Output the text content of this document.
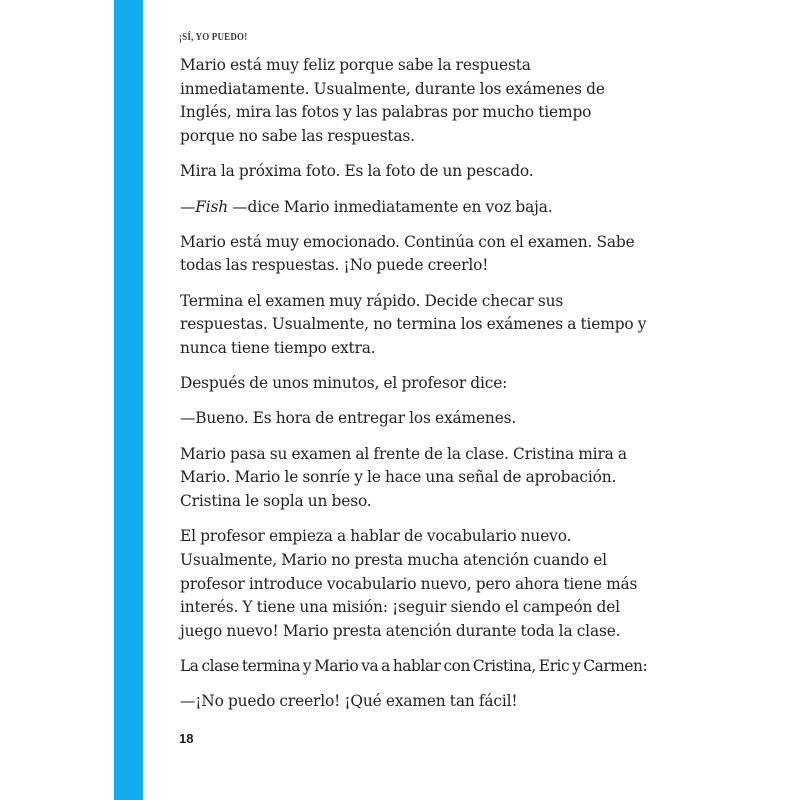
¡SÍ, YO PUEDO!

Mario está muy feliz porque sabe la respuesta
inmediatamente. Usualmente, durante los exámenes de
Inglés, mira las fotos y las palabras por mucho tiempo
porque no sabe las respuestas.

Mira la próxima foto. Es la foto de un pescado.

—Fish —dice Mario inmediatamente en voz baja.

Mario está muy emocionado. Continúa con el examen. Sabe
todas las respuestas. ¡No puede creerlo!

Termina el examen muy rápido. Decide checar sus
respuestas. Usualmente, no termina los exámenes a tiempo y
nunca tiene tiempo extra.

Después de unos minutos, el profesor dice:

—Bueno. Es hora de entregar los exámenes.

Mario pasa su examen al frente de la clase. Cristina mira a
Mario. Mario le sonríe y le hace una señal de aprobación.
Cristina le sopla un beso.

El profesor empieza a hablar de vocabulario nuevo.
Usualmente, Mario no presta mucha atención cuando el
profesor introduce vocabulario nuevo, pero ahora tiene más
interés. Y tiene una misión: ¡seguir siendo el campeón del
juego nuevo! Mario presta atención durante toda la clase.

La clase termina y Mario va a hablar con Cristina, Eric y Carmen:

—¡No puedo creerlo! ¡Qué examen tan fácil!

18
